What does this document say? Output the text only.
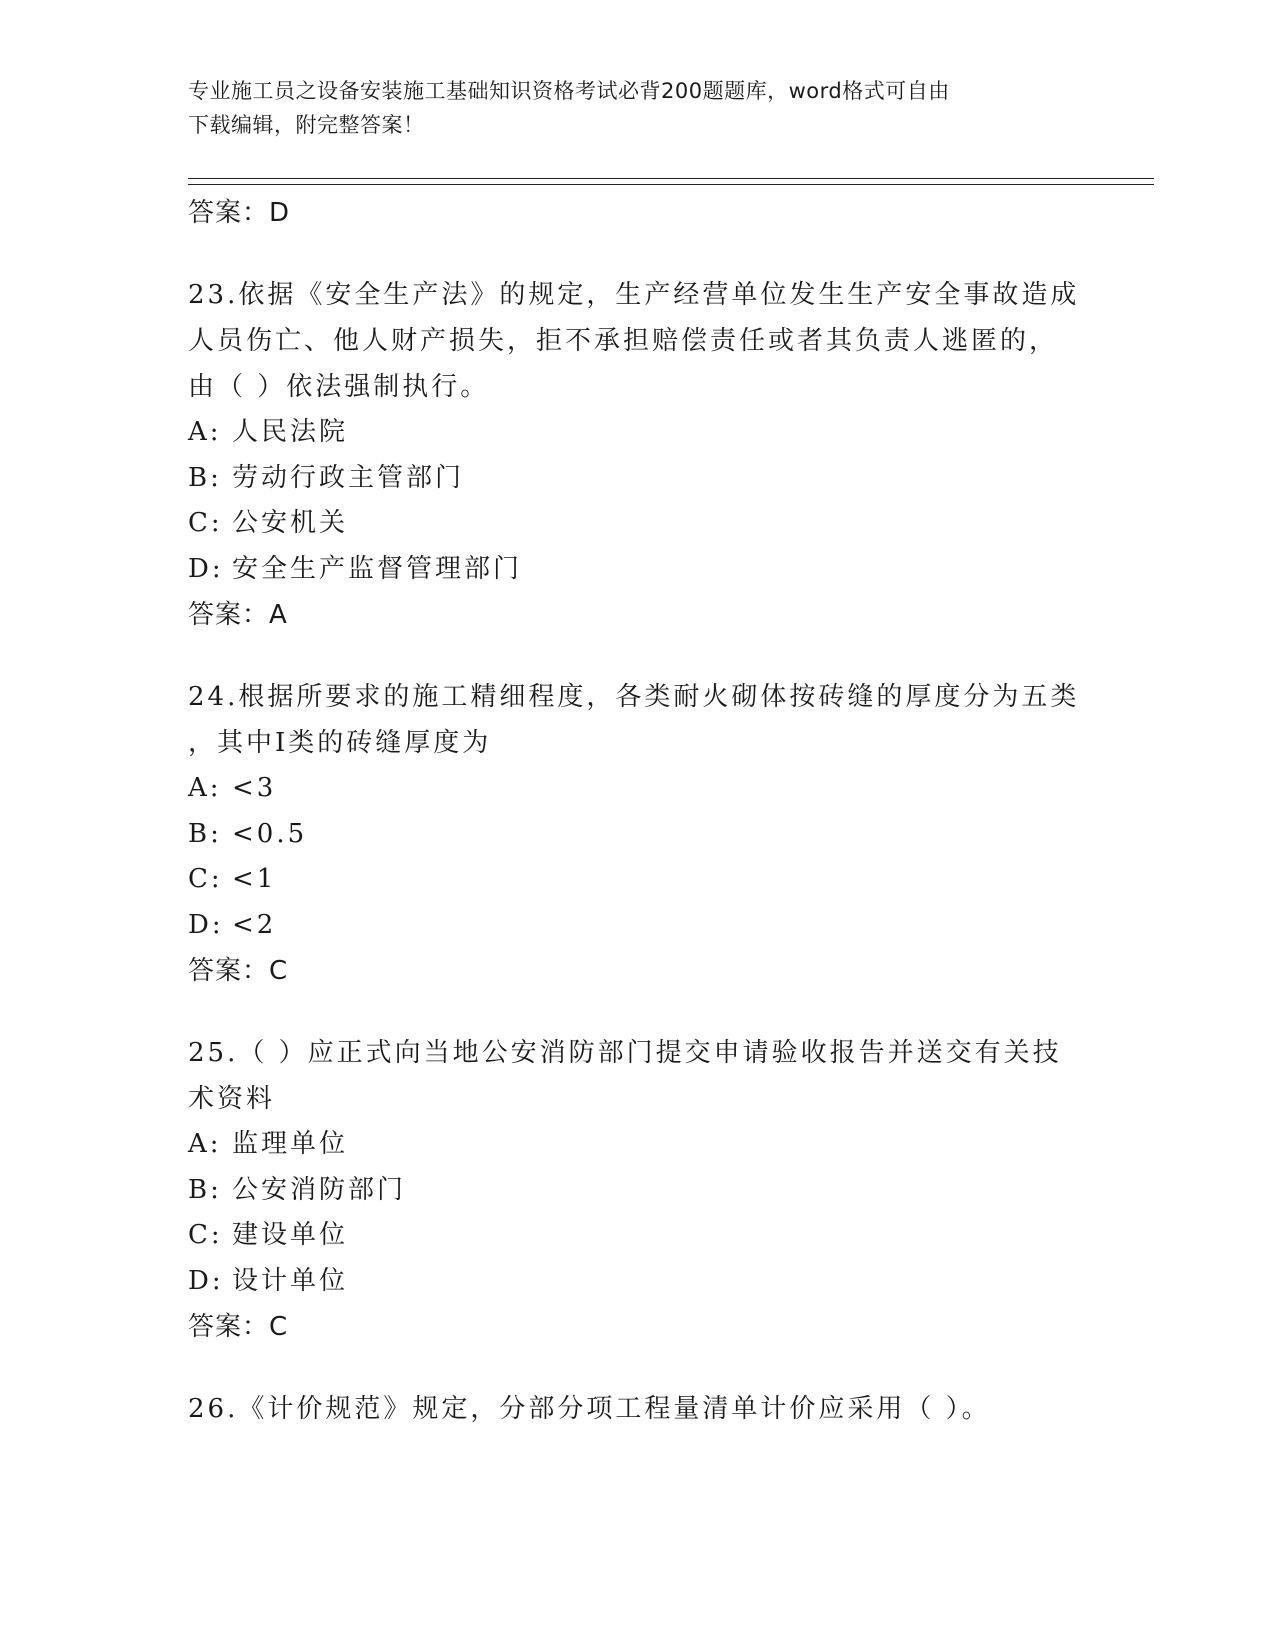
专业施工员之设备安装施工基础知识资格考试必背200题题库，word格式可自由
下载编辑，附完整答案！
答案：D
23.依据《安全生产法》的规定，生产经营单位发生生产安全事故造成
人员伤亡、他人财产损失，拒不承担赔偿责任或者其负责人逃匿的，
由（ ）依法强制执行。
A: 人民法院
B: 劳动行政主管部门
C: 公安机关
D: 安全生产监督管理部门
答案：A
24.根据所要求的施工精细程度，各类耐火砌体按砖缝的厚度分为五类
，其中I类的砖缝厚度为
A: <3
B: <0.5
C: <1
D: <2
答案：C
25.（ ）应正式向当地公安消防部门提交申请验收报告并送交有关技
术资料
A: 监理单位
B: 公安消防部门
C: 建设单位
D: 设计单位
答案：C
26.《计价规范》规定，分部分项工程量清单计价应采用（ ）。
